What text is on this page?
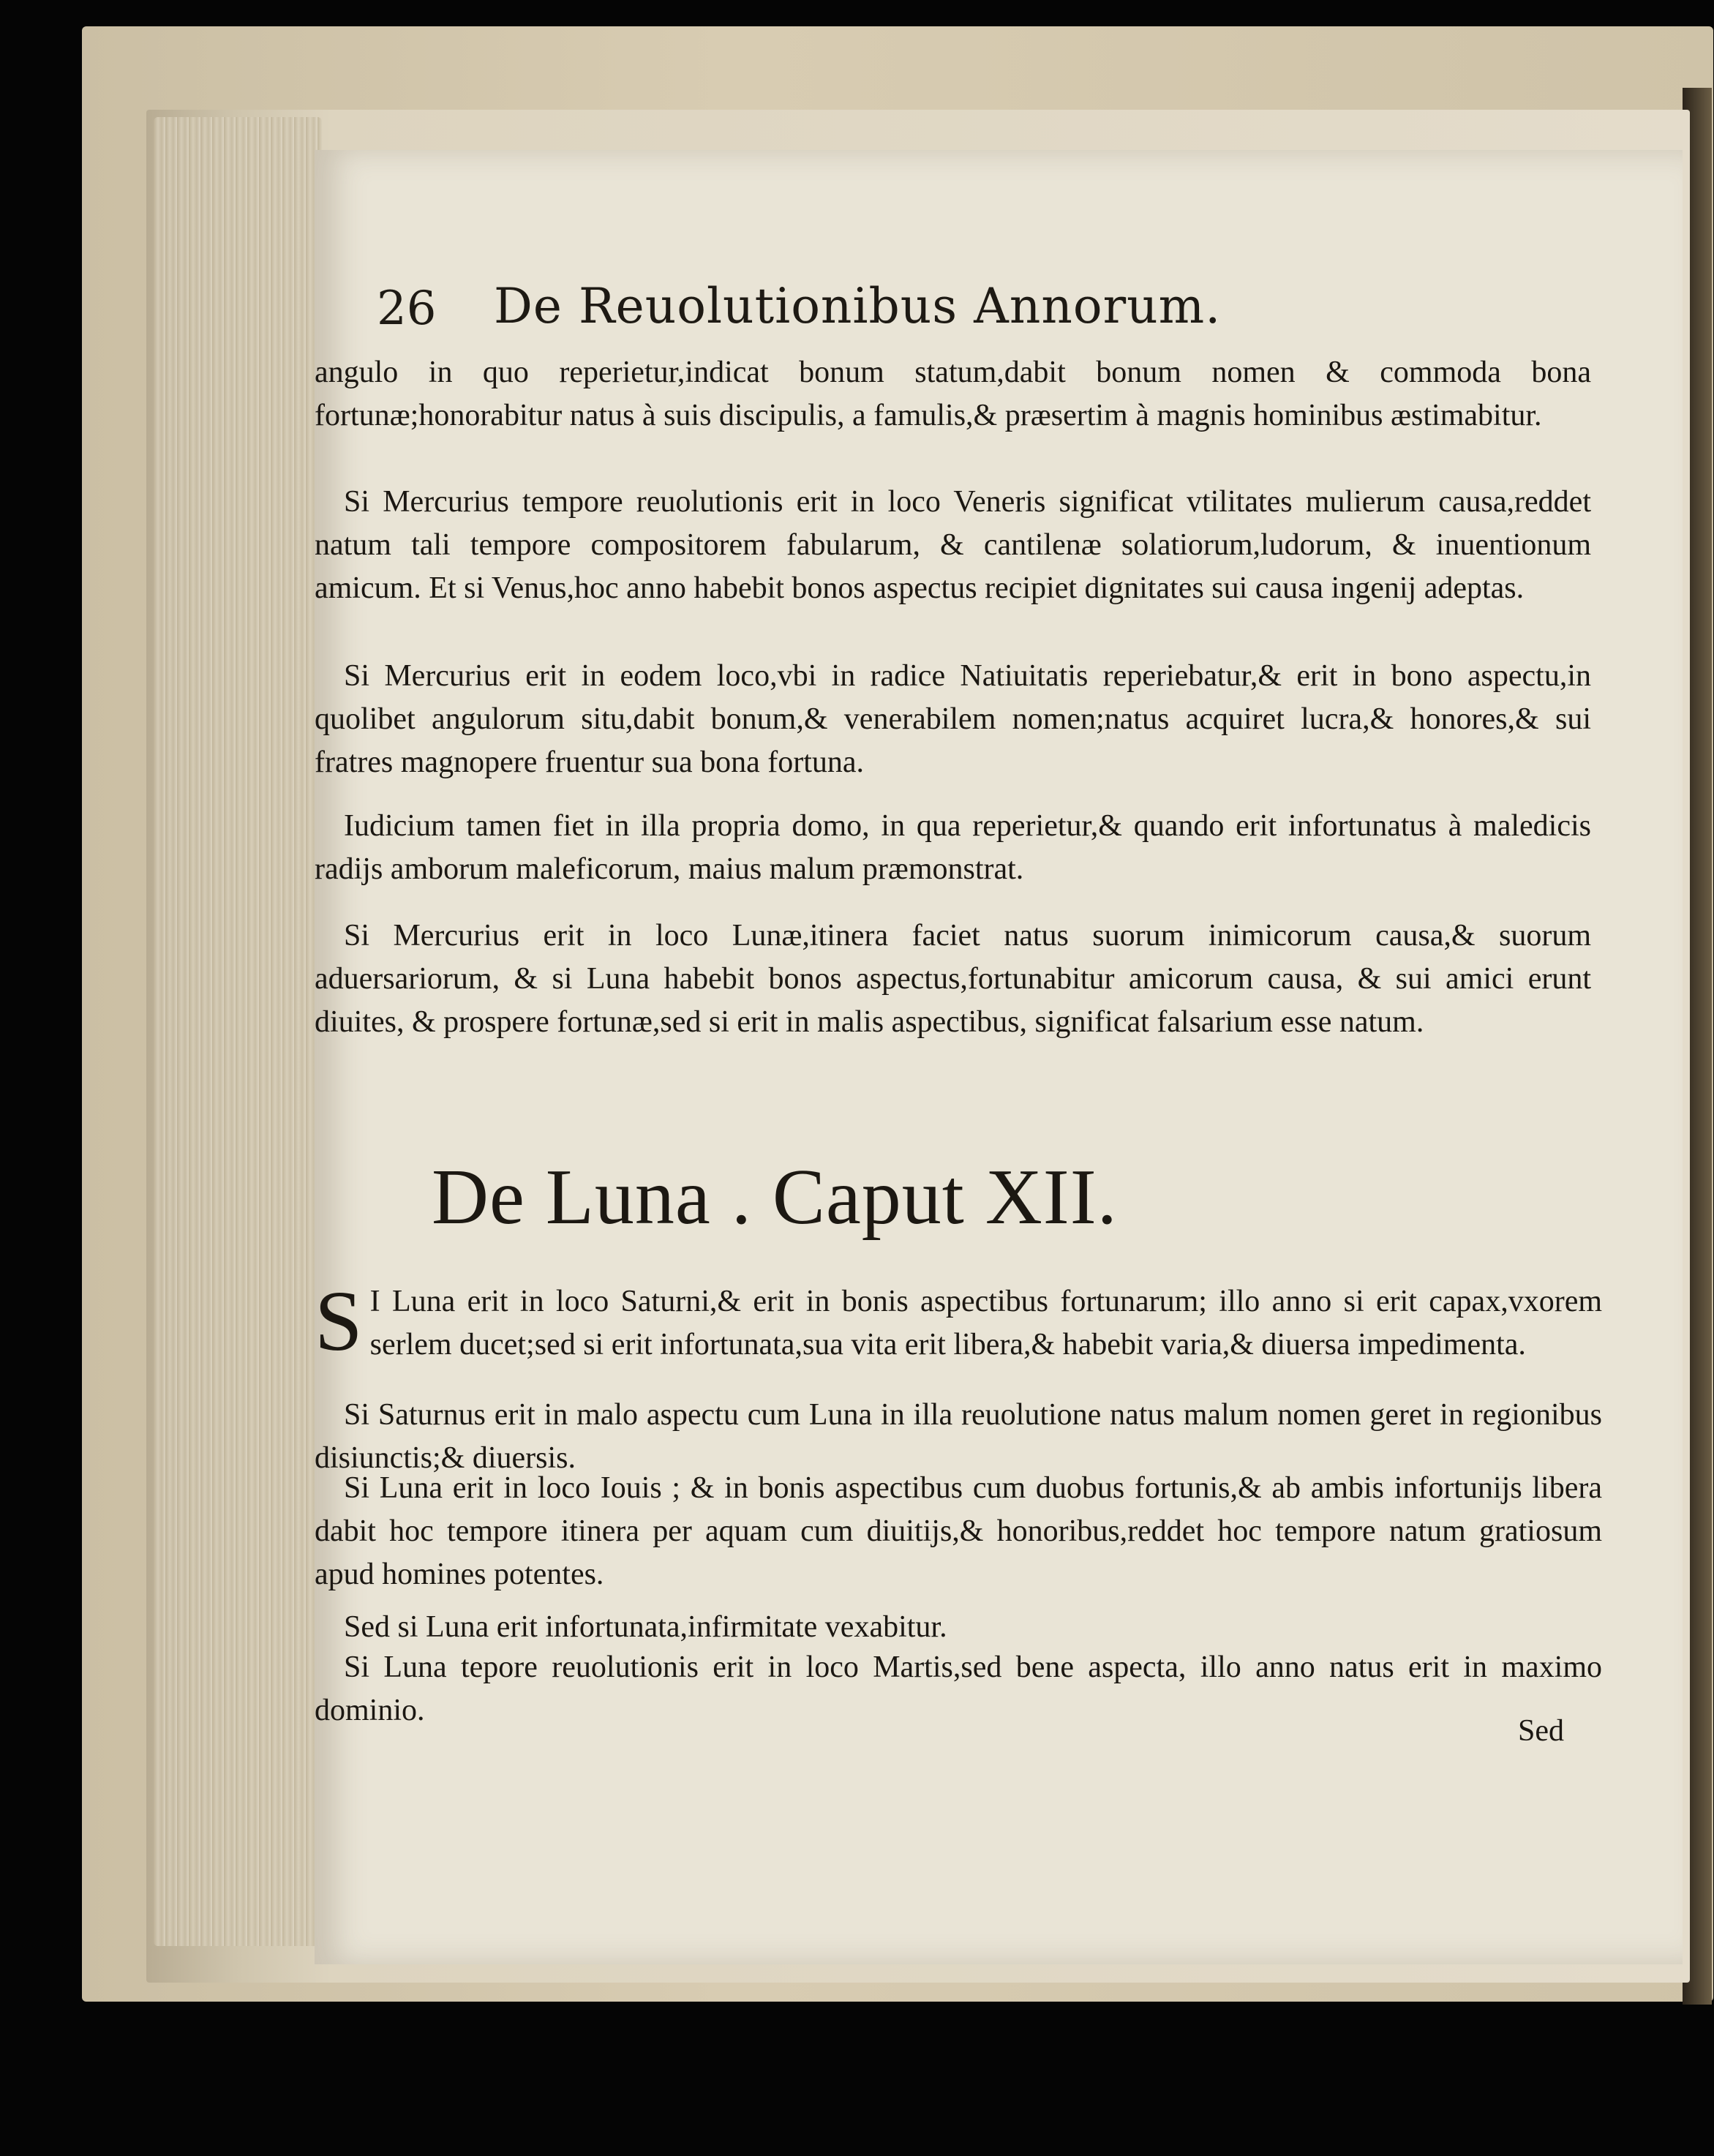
26 De Reuolutionibus Annorum.

angulo in quo reperietur,indicat bonum statum,dabit bonum nomen & commoda bona fortunæ;honorabitur natus à suis discipulis, a famulis,& præsertim à magnis hominibus æstimabitur.

Si Mercurius tempore reuolutionis erit in loco Veneris significat vtilitates mulierum causa,reddet natum tali tempore compositorem fabularum, & cantilenæ solatiorum,ludorum, & inuentionum amicum. Et si Venus,hoc anno habebit bonos aspectus recipiet dignitates sui causa ingenij adeptas.

Si Mercurius erit in eodem loco,vbi in radice Natiuitatis reperiebatur,& erit in bono aspectu,in quolibet angulorum situ,dabit bonum,& venerabilem nomen;natus acquiret lucra,& honores,& sui fratres magnopere fruentur sua bona fortuna.

Iudicium tamen fiet in illa propria domo, in qua reperietur,& quando erit infortunatus à maledicis radijs amborum maleficorum, maius malum præmonstrat.

Si Mercurius erit in loco Lunæ,itinera faciet natus suorum inimicorum causa,& suorum aduersariorum, & si Luna habebit bonos aspectus,fortunabitur amicorum causa, & sui amici erunt diuites, & prospere fortunæ,sed si erit in malis aspectibus, significat falsarium esse natum.

De Luna . Caput XII.

S I Luna erit in loco Saturni,& erit in bonis aspectibus fortunarum; illo anno si erit capax,vxorem serlem ducet;sed si erit infortunata,sua vita erit libera,& habebit varia,& diuersa impedimenta.

Si Saturnus erit in malo aspectu cum Luna in illa reuolutione natus malum nomen geret in regionibus disiunctis;& diuersis.

Si Luna erit in loco Iouis ; & in bonis aspectibus cum duobus fortunis,& ab ambis infortunijs libera dabit hoc tempore itinera per aquam cum diuitijs,& honoribus,reddet hoc tempore natum gratiosum apud homines potentes.

Sed si Luna erit infortunata,infirmitate vexabitur.

Si Luna tepore reuolutionis erit in loco Martis,sed bene aspecta, illo anno natus erit in maximo dominio.

Sed
